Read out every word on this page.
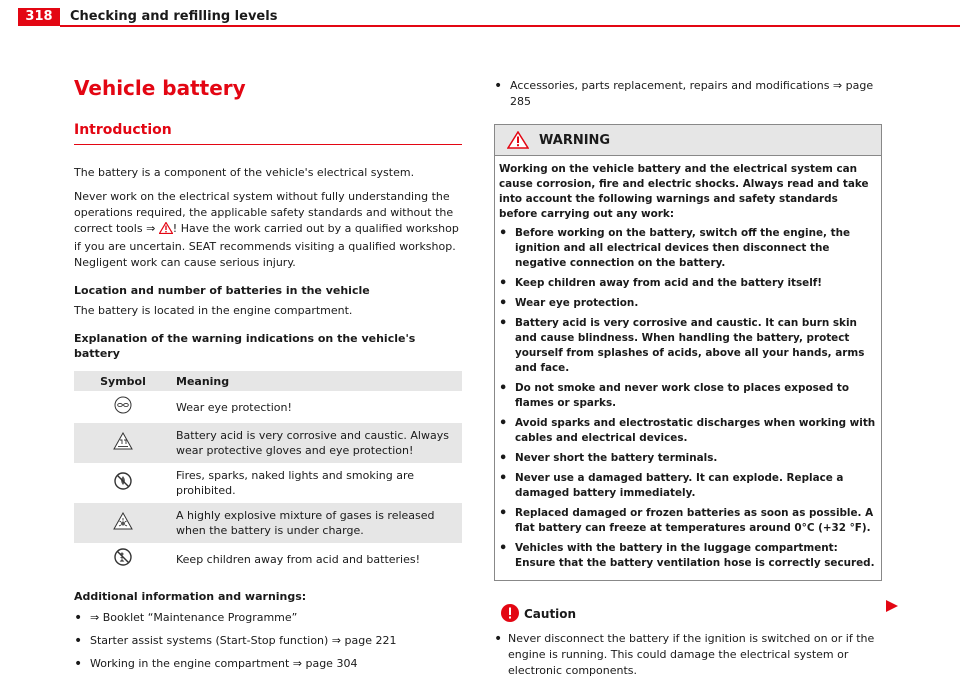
318	Checking and refilling levels
Vehicle battery
Introduction

The battery is a component of the vehicle's electrical system.

Never work on the electrical system without fully understanding the operations required, the applicable safety standards and without the correct tools ⇒ ! Have the work carried out by a qualified workshop if you are uncertain. SEAT recommends visiting a qualified workshop. Negligent work can cause serious injury.

Location and number of batteries in the vehicle

The battery is located in the engine compartment.

Explanation of the warning indications on the vehicle's battery
Symbol	Meaning
	Wear eye protection!
	Battery acid is very corrosive and caustic. Always wear protective gloves and eye protection!
	Fires, sparks, naked lights and smoking are prohibited.
	A highly explosive mixture of gases is released when the battery is under charge.
	Keep children away from acid and batteries!
Additional information and warnings:
• ⇒ Booklet “Maintenance Programme”
• Starter assist systems (Start-Stop function) ⇒ page 221
• Working in the engine compartment ⇒ page 304
• Accessories, parts replacement, repairs and modifications ⇒ page 285
WARNING

Working on the vehicle battery and the electrical system can cause corrosion, fire and electric shocks. Always read and take into account the following warnings and safety standards before carrying out any work:

• Before working on the battery, switch off the engine, the ignition and all electrical devices then disconnect the negative connection on the battery.
• Keep children away from acid and the battery itself!
• Wear eye protection.
• Battery acid is very corrosive and caustic. It can burn skin and cause blindness. When handling the battery, protect yourself from splashes of acids, above all your hands, arms and face.
• Do not smoke and never work close to places exposed to flames or sparks.
• Avoid sparks and electrostatic discharges when working with cables and electrical devices.
• Never short the battery terminals.
• Never use a damaged battery. It can explode. Replace a damaged battery immediately.
• Replaced damaged or frozen batteries as soon as possible. A flat battery can freeze at temperatures around 0°C (+32 °F).
• Vehicles with the battery in the luggage compartment: Ensure that the battery ventilation hose is correctly secured.
Caution
• Never disconnect the battery if the ignition is switched on or if the engine is running. This could damage the electrical system or electronic components.
